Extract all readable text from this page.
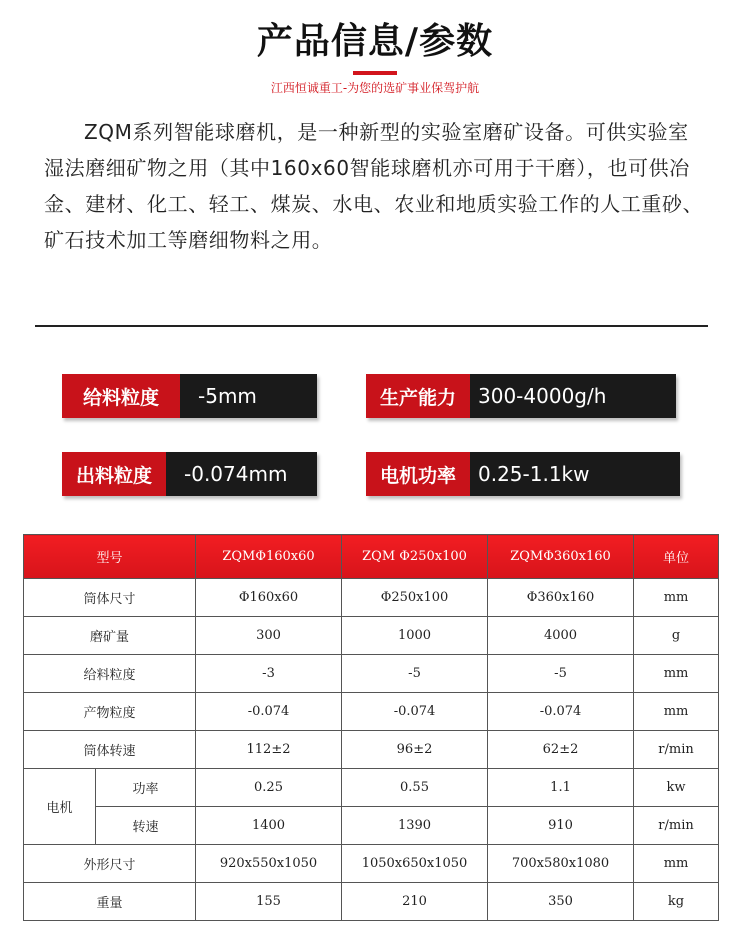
产品信息/参数
江西恒诚重工-为您的选矿事业保驾护航
ZQM系列智能球磨机，是一种新型的实验室磨矿设备。可供实验室湿法磨细矿物之用（其中160x60智能球磨机亦可用于干磨），也可供冶金、建材、化工、轻工、煤炭、水电、农业和地质实验工作的人工重砂、矿石技术加工等磨细物料之用。
给料粒度	-5mm	生产能力	300-4000g/h
出料粒度	-0.074mm	电机功率	0.25-1.1kw
型号		ZQMΦ160x60	ZQM Φ250x100	ZQMΦ360x160	单位
筒体尺寸		Φ160x60	Φ250x100	Φ360x160	mm
磨矿量		300	1000	4000	g
给料粒度		-3	-5	-5	mm
产物粒度		-0.074	-0.074	-0.074	mm
筒体转速		112±2	96±2	62±2	r/min
电机	功率	0.25	0.55	1.1	kw
	转速	1400	1390	910	r/min
外形尺寸		920x550x1050	1050x650x1050	700x580x1080	mm
重量		155	210	350	kg
